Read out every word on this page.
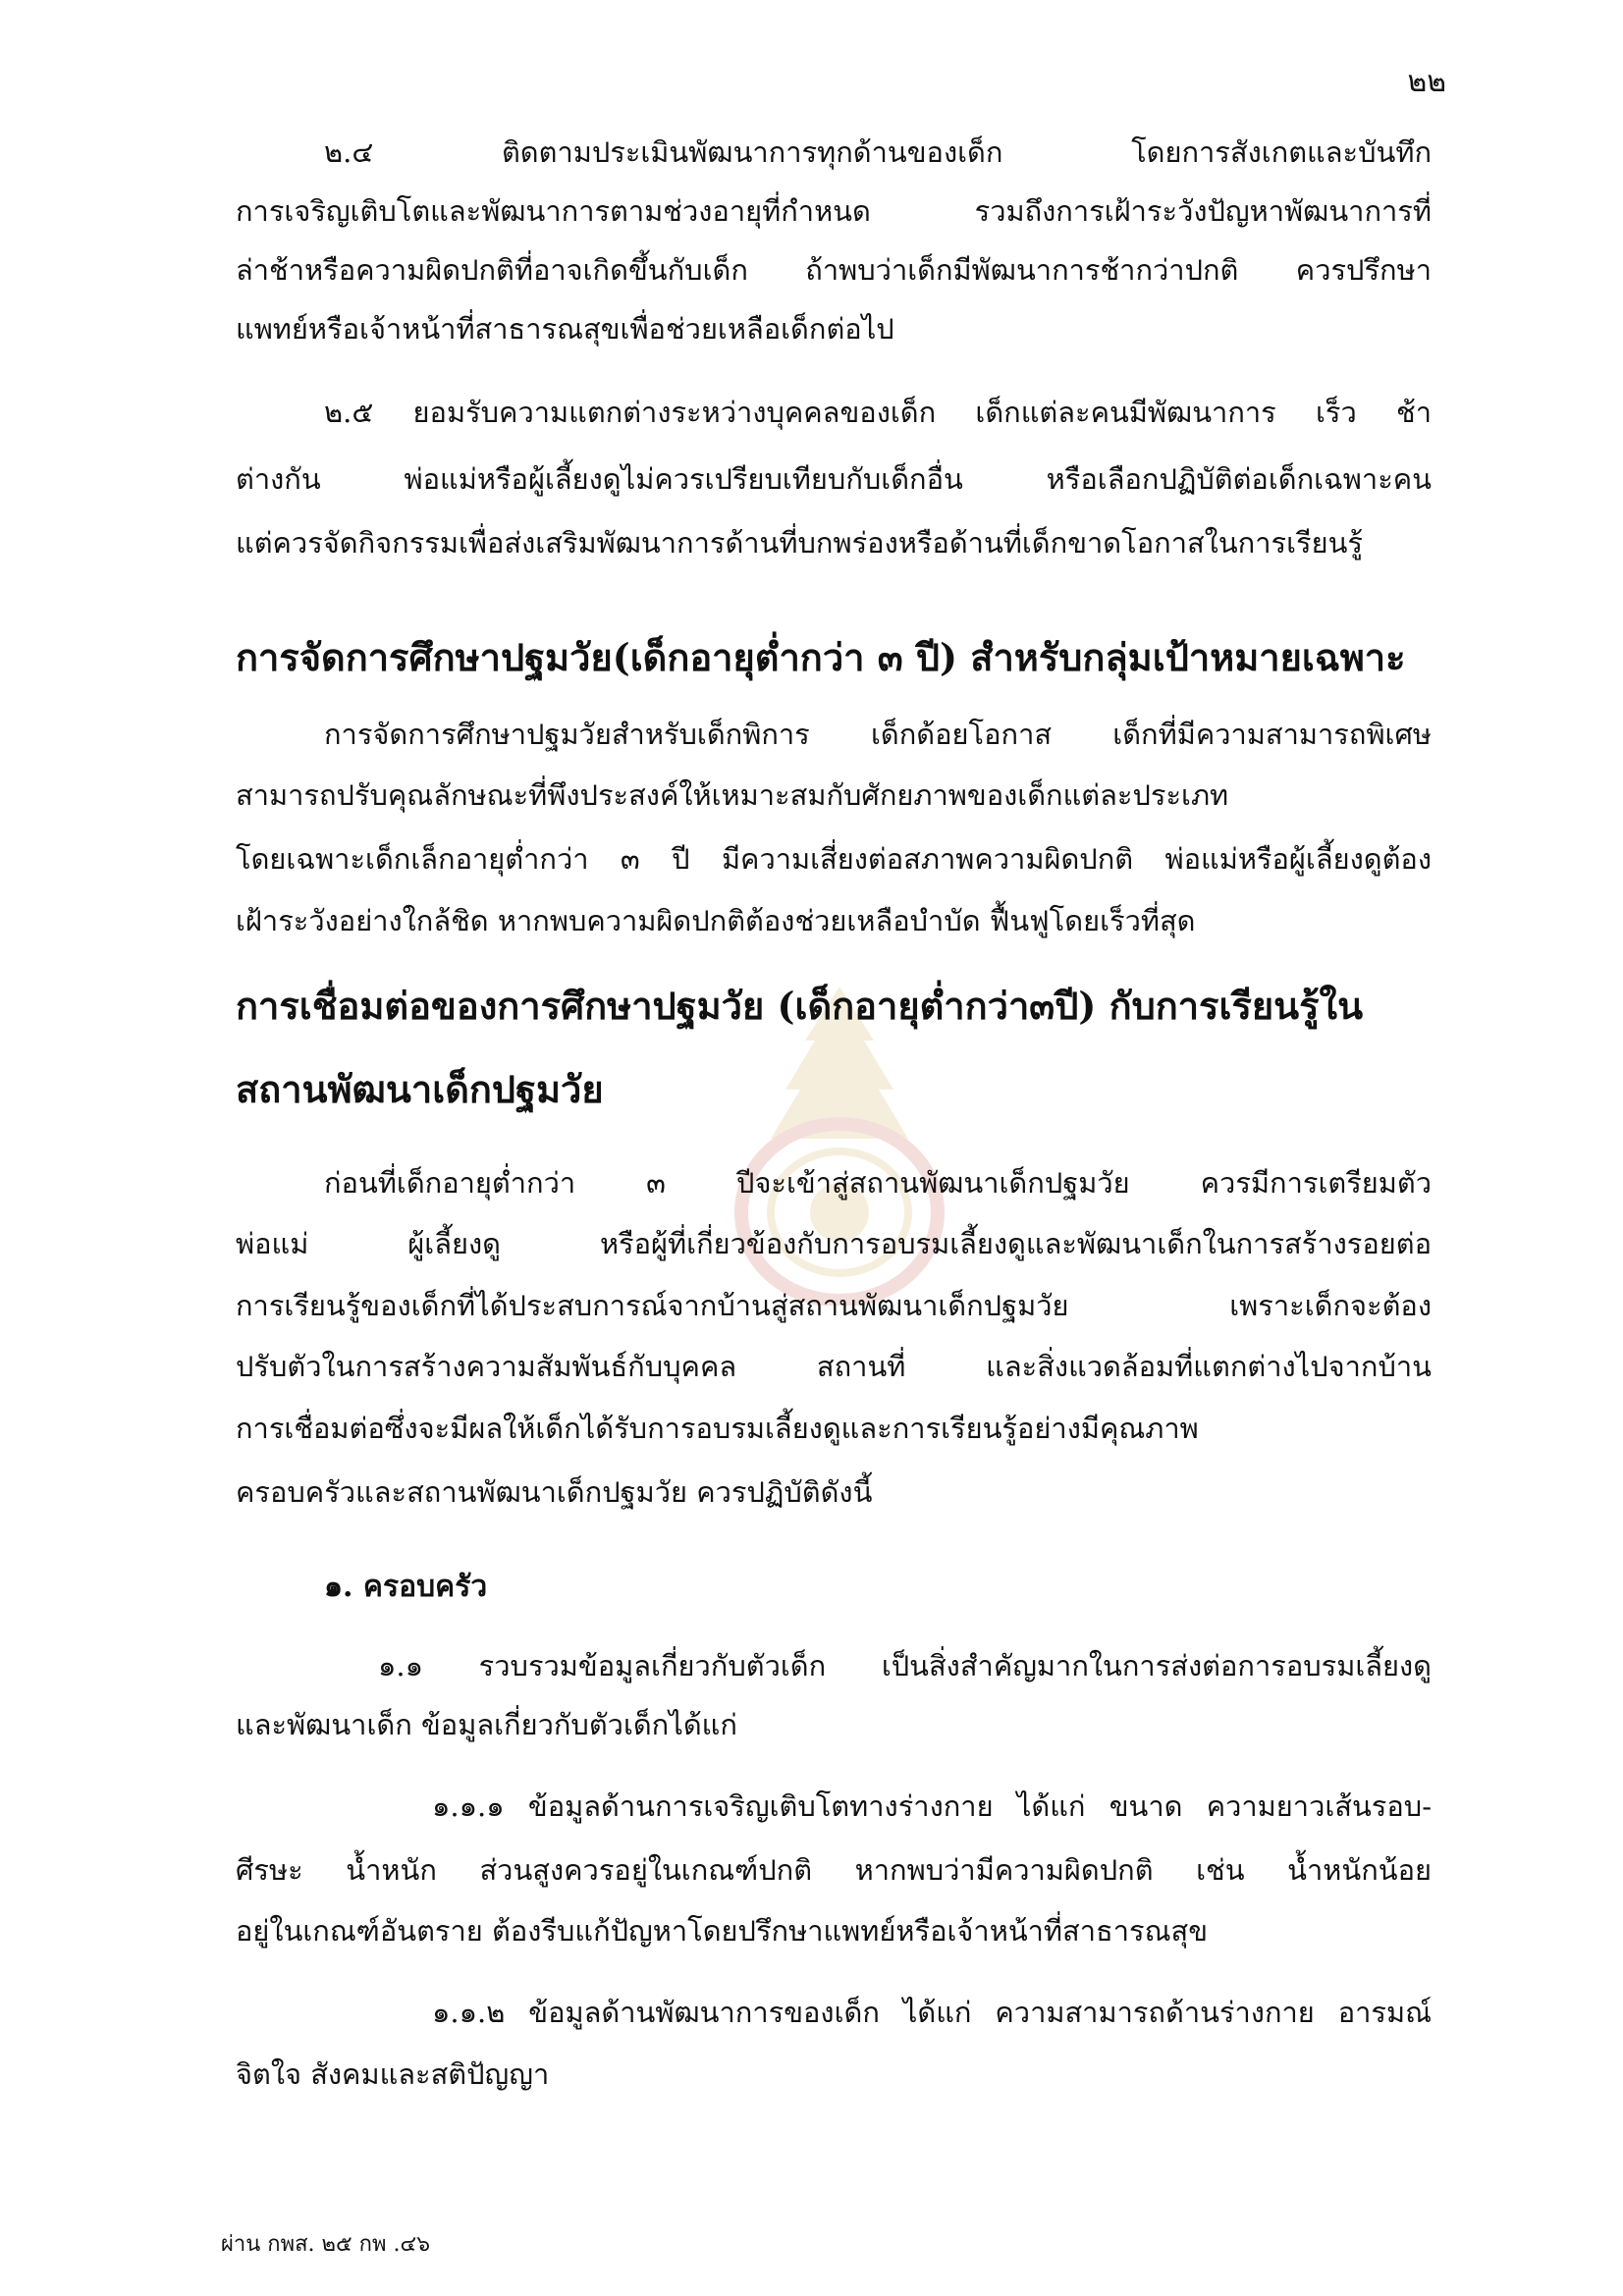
๒๒
๒.๔ ติดตามประเมินพัฒนาการทุกด้านของเด็ก โดยการสังเกตและบันทึก
การเจริญเติบโตและพัฒนาการตามช่วงอายุที่กำหนด รวมถึงการเฝ้าระวังปัญหาพัฒนาการที่
ล่าช้าหรือความผิดปกติที่อาจเกิดขึ้นกับเด็ก ถ้าพบว่าเด็กมีพัฒนาการช้ากว่าปกติ ควรปรึกษา
แพทย์หรือเจ้าหน้าที่สาธารณสุขเพื่อช่วยเหลือเด็กต่อไป
๒.๕ ยอมรับความแตกต่างระหว่างบุคคลของเด็ก เด็กแต่ละคนมีพัฒนาการ เร็ว ช้า
ต่างกัน พ่อแม่หรือผู้เลี้ยงดูไม่ควรเปรียบเทียบกับเด็กอื่น หรือเลือกปฏิบัติต่อเด็กเฉพาะคน
แต่ควรจัดกิจกรรมเพื่อส่งเสริมพัฒนาการด้านที่บกพร่องหรือด้านที่เด็กขาดโอกาสในการเรียนรู้
การจัดการศึกษาปฐมวัย(เด็กอายุต่ำกว่า ๓ ปี) สำหรับกลุ่มเป้าหมายเฉพาะ
การจัดการศึกษาปฐมวัยสำหรับเด็กพิการ เด็กด้อยโอกาส เด็กที่มีความสามารถพิเศษ
สามารถปรับคุณลักษณะที่พึงประสงค์ให้เหมาะสมกับศักยภาพของเด็กแต่ละประเภท
โดยเฉพาะเด็กเล็กอายุต่ำกว่า ๓ ปี มีความเสี่ยงต่อสภาพความผิดปกติ พ่อแม่หรือผู้เลี้ยงดูต้อง
เฝ้าระวังอย่างใกล้ชิด หากพบความผิดปกติต้องช่วยเหลือบำบัด ฟื้นฟูโดยเร็วที่สุด
การเชื่อมต่อของการศึกษาปฐมวัย (เด็กอายุต่ำกว่า๓ปี) กับการเรียนรู้ใน
สถานพัฒนาเด็กปฐมวัย
ก่อนที่เด็กอายุต่ำกว่า ๓ ปีจะเข้าสู่สถานพัฒนาเด็กปฐมวัย ควรมีการเตรียมตัว
พ่อแม่ ผู้เลี้ยงดู หรือผู้ที่เกี่ยวข้องกับการอบรมเลี้ยงดูและพัฒนาเด็กในการสร้างรอยต่อ
การเรียนรู้ของเด็กที่ได้ประสบการณ์จากบ้านสู่สถานพัฒนาเด็กปฐมวัย เพราะเด็กจะต้อง
ปรับตัวในการสร้างความสัมพันธ์กับบุคคล สถานที่ และสิ่งแวดล้อมที่แตกต่างไปจากบ้าน
การเชื่อมต่อซึ่งจะมีผลให้เด็กได้รับการอบรมเลี้ยงดูและการเรียนรู้อย่างมีคุณภาพ
ครอบครัวและสถานพัฒนาเด็กปฐมวัย ควรปฏิบัติดังนี้
๑. ครอบครัว
๑.๑ รวบรวมข้อมูลเกี่ยวกับตัวเด็ก เป็นสิ่งสำคัญมากในการส่งต่อการอบรมเลี้ยงดู
และพัฒนาเด็ก ข้อมูลเกี่ยวกับตัวเด็กได้แก่
๑.๑.๑ ข้อมูลด้านการเจริญเติบโตทางร่างกาย ได้แก่ ขนาด ความยาวเส้นรอบ-
ศีรษะ น้ำหนัก ส่วนสูงควรอยู่ในเกณฑ์ปกติ หากพบว่ามีความผิดปกติ เช่น น้ำหนักน้อย
อยู่ในเกณฑ์อันตราย ต้องรีบแก้ปัญหาโดยปรึกษาแพทย์หรือเจ้าหน้าที่สาธารณสุข
๑.๑.๒ ข้อมูลด้านพัฒนาการของเด็ก ได้แก่ ความสามารถด้านร่างกาย อารมณ์
จิตใจ สังคมและสติปัญญา
ผ่าน กพส. ๒๕ กพ .๔๖
